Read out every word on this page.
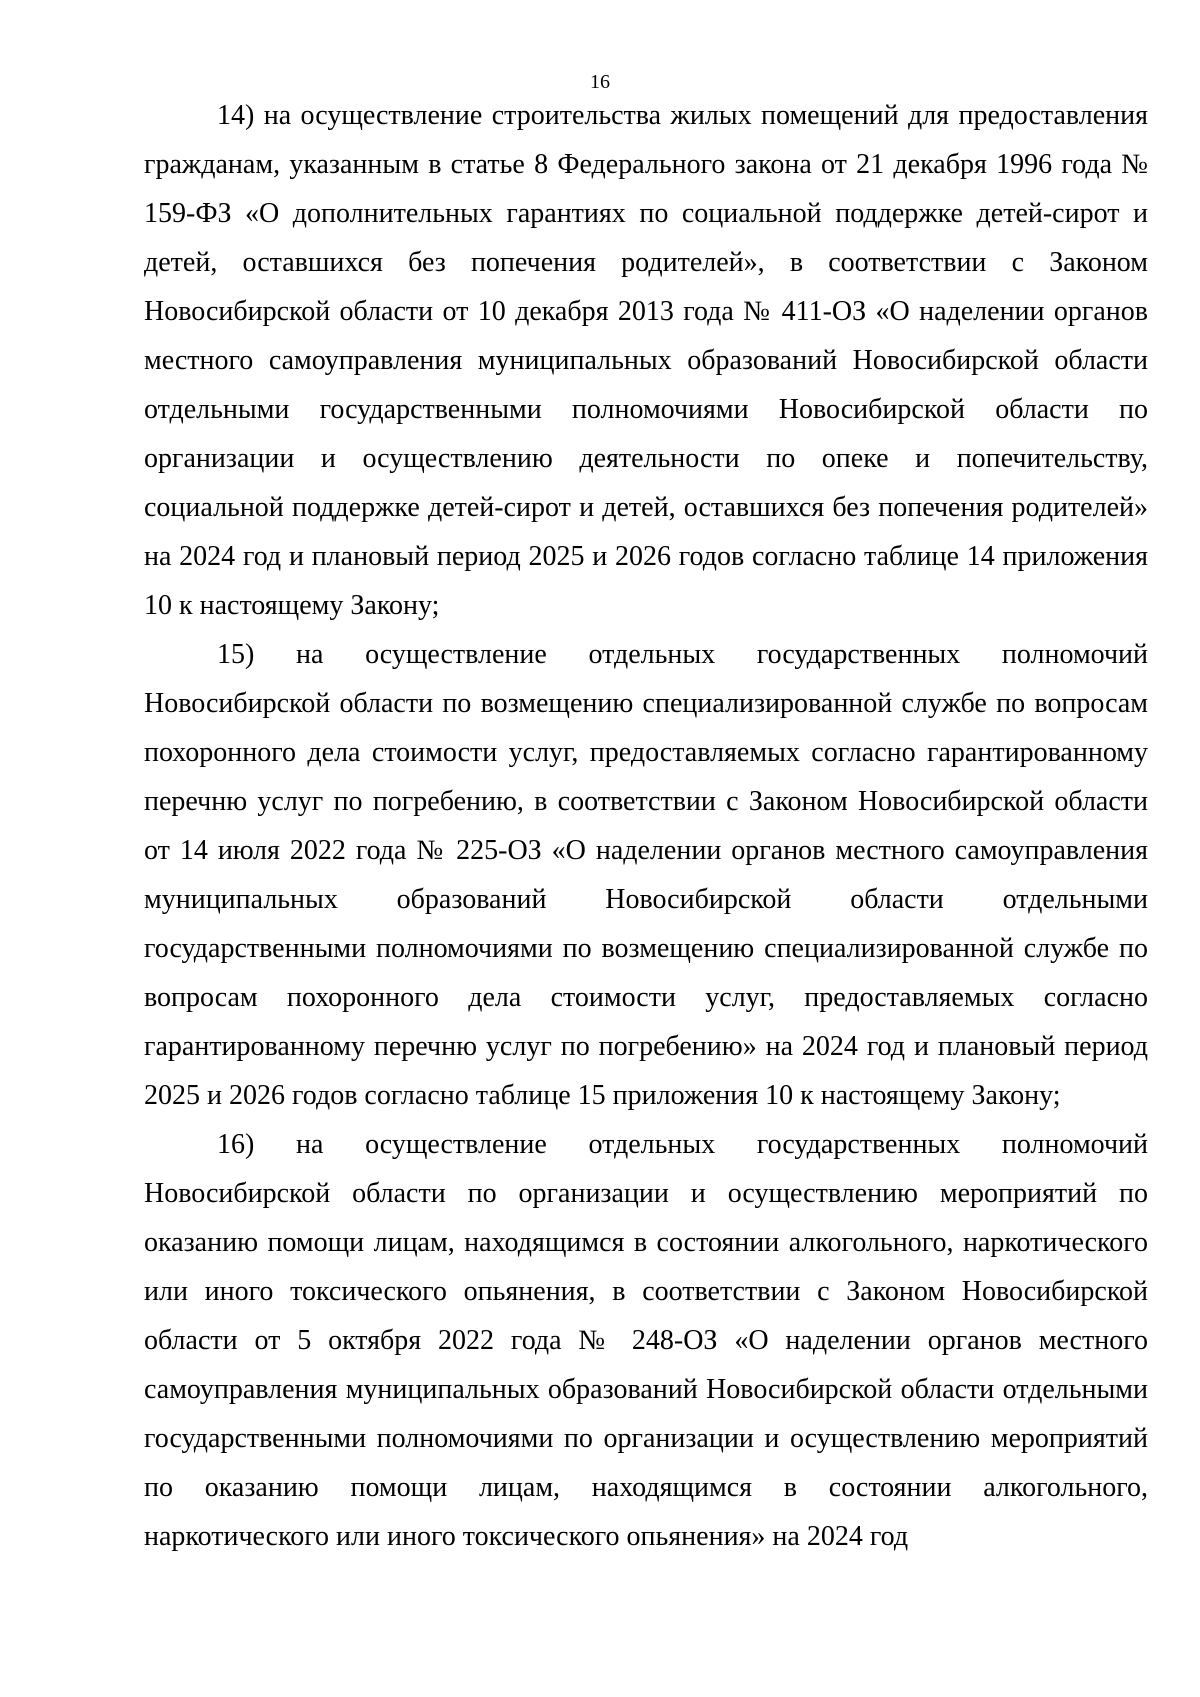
16

14) на осуществление строительства жилых помещений для предоставления гражданам, указанным в статье 8 Федерального закона от 21 декабря 1996 года № 159-ФЗ «О дополнительных гарантиях по социальной поддержке детей-сирот и детей, оставшихся без попечения родителей», в соответствии с Законом Новосибирской области от 10 декабря 2013 года № 411-ОЗ «О наделении органов местного самоуправления муниципальных образований Новосибирской области отдельными государственными полномочиями Новосибирской области по организации и осуществлению деятельности по опеке и попечительству, социальной поддержке детей-сирот и детей, оставшихся без попечения родителей» на 2024 год и плановый период 2025 и 2026 годов согласно таблице 14 приложения 10 к настоящему Закону;

15) на осуществление отдельных государственных полномочий Новосибирской области по возмещению специализированной службе по вопросам похоронного дела стоимости услуг, предоставляемых согласно гарантированному перечню услуг по погребению, в соответствии с Законом Новосибирской области от 14 июля 2022 года № 225-ОЗ «О наделении органов местного самоуправления муниципальных образований Новосибирской области отдельными государственными полномочиями по возмещению специализированной службе по вопросам похоронного дела стоимости услуг, предоставляемых согласно гарантированному перечню услуг по погребению» на 2024 год и плановый период 2025 и 2026 годов согласно таблице 15 приложения 10 к настоящему Закону;

16) на осуществление отдельных государственных полномочий Новосибирской области по организации и осуществлению мероприятий по оказанию помощи лицам, находящимся в состоянии алкогольного, наркотического или иного токсического опьянения, в соответствии с Законом Новосибирской области от 5 октября 2022 года № 248-ОЗ «О наделении органов местного самоуправления муниципальных образований Новосибирской области отдельными государственными полномочиями по организации и осуществлению мероприятий по оказанию помощи лицам, находящимся в состоянии алкогольного, наркотического или иного токсического опьянения» на 2024 год
